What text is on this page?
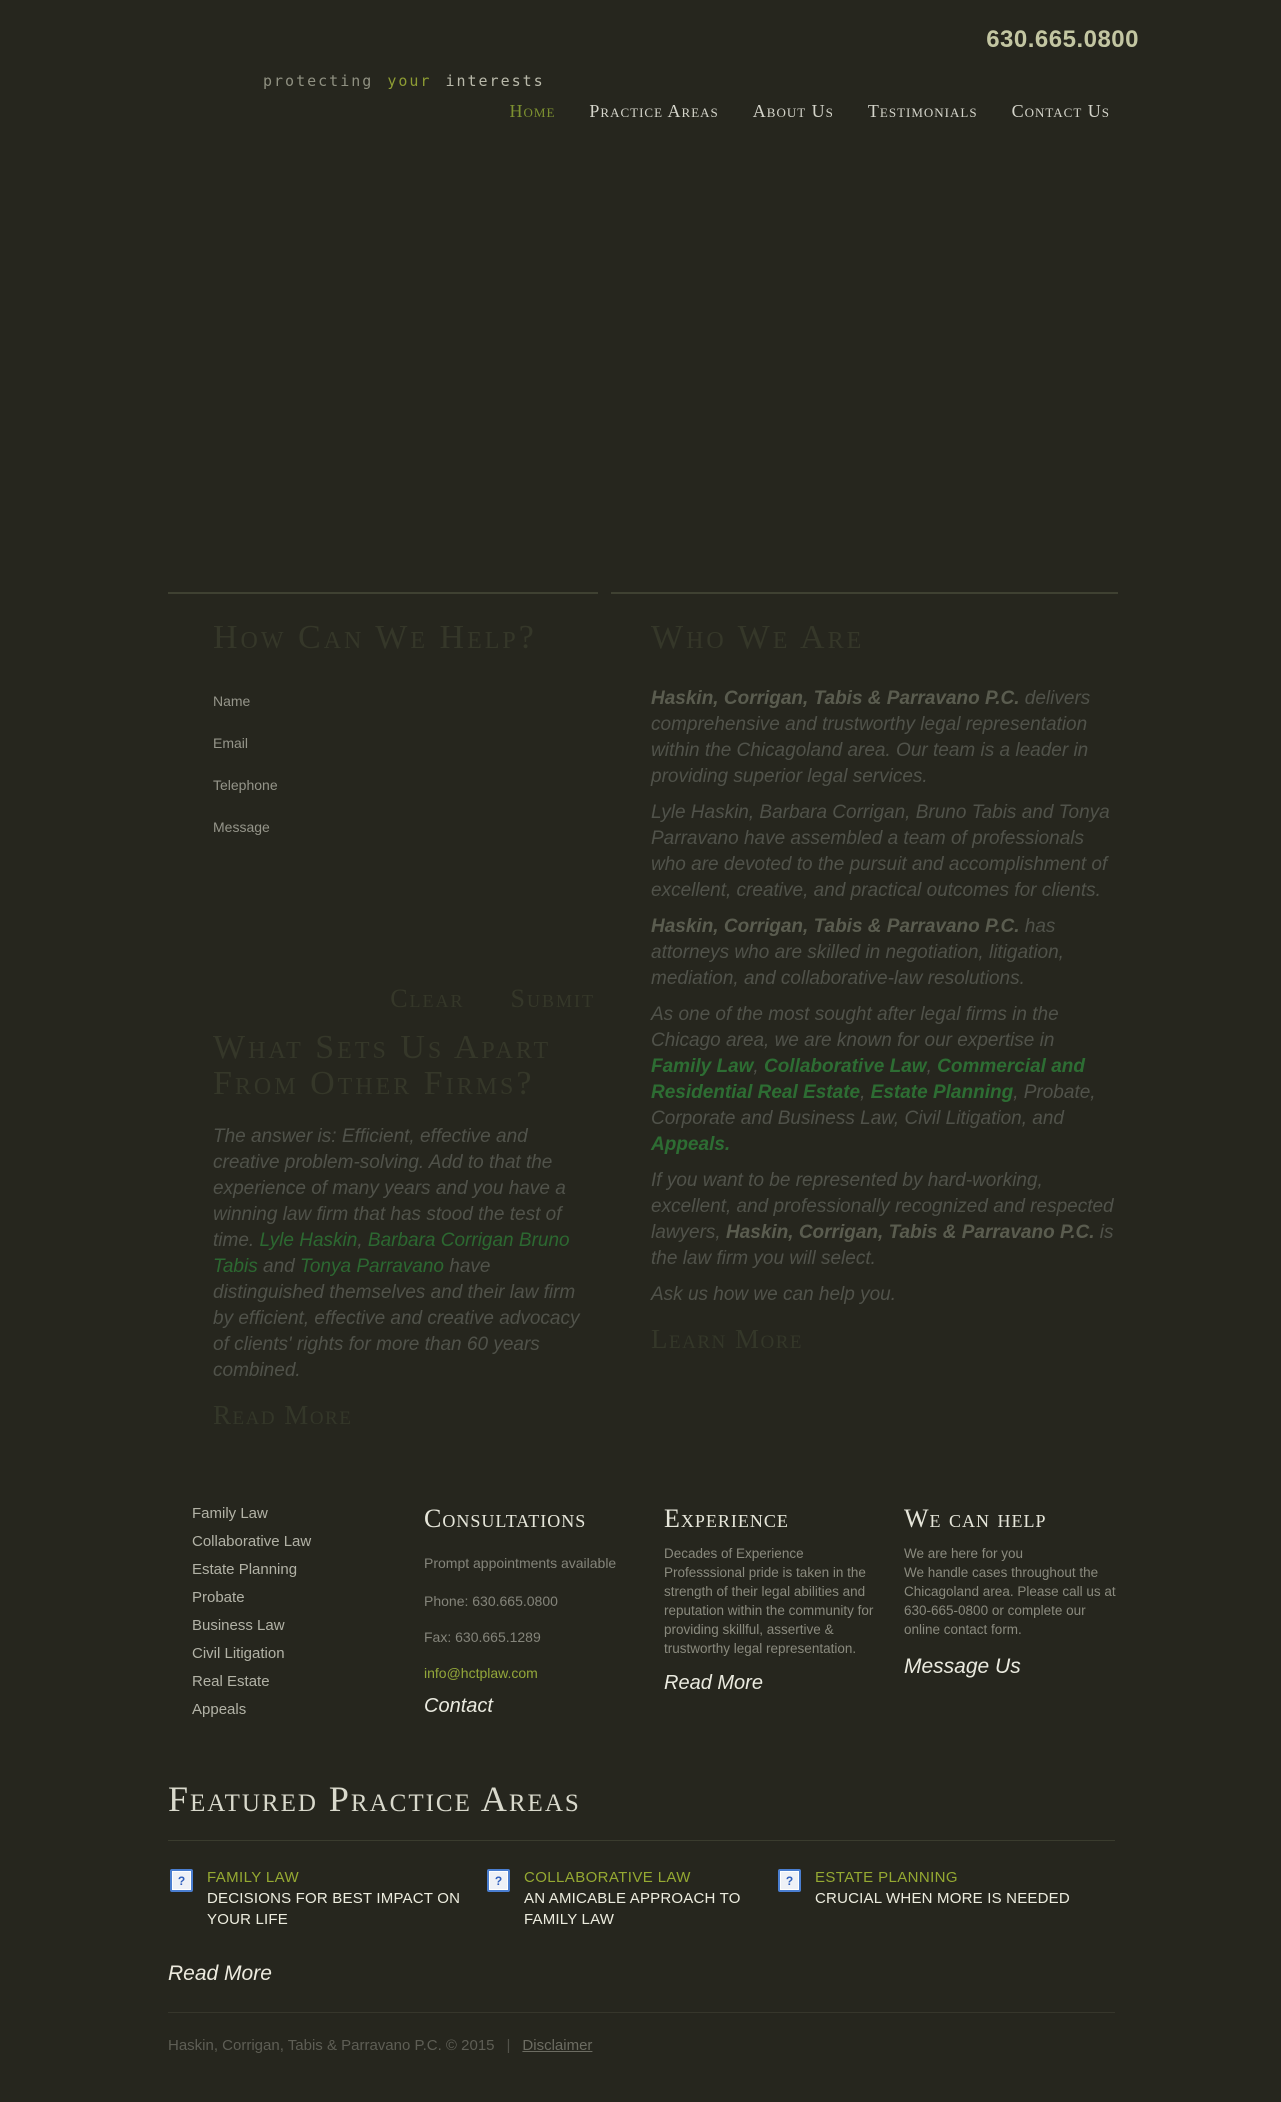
630.665.0800
protecting your interests
Home Practice Areas About Us Testimonials Contact Us
How Can We Help?
Name
Email
Telephone
Message
Clear Submit
What Sets Us Apart From Other Firms?

The answer is: Efficient, effective and creative problem-solving. Add to that the experience of many years and you have a winning law firm that has stood the test of time. Lyle Haskin, Barbara Corrigan Bruno Tabis and Tonya Parravano have distinguished themselves and their law firm by efficient, effective and creative advocacy of clients' rights for more than 60 years combined.

Read More
Who We Are

Haskin, Corrigan, Tabis & Parravano P.C. delivers comprehensive and trustworthy legal representation within the Chicagoland area. Our team is a leader in providing superior legal services.

Lyle Haskin, Barbara Corrigan, Bruno Tabis and Tonya Parravano have assembled a team of professionals who are devoted to the pursuit and accomplishment of excellent, creative, and practical outcomes for clients.

Haskin, Corrigan, Tabis & Parravano P.C. has attorneys who are skilled in negotiation, litigation, mediation, and collaborative-law resolutions.

As one of the most sought after legal firms in the Chicago area, we are known for our expertise in Family Law, Collaborative Law, Commercial and Residential Real Estate, Estate Planning, Probate, Corporate and Business Law, Civil Litigation, and Appeals.

If you want to be represented by hard-working, excellent, and professionally recognized and respected lawyers, Haskin, Corrigan, Tabis & Parravano P.C. is the law firm you will select.

Ask us how we can help you.

Learn More
Family Law
Collaborative Law
Estate Planning
Probate
Business Law
Civil Litigation
Real Estate
Appeals
Consultations
Prompt appointments available
Phone: 630.665.0800
Fax: 630.665.1289
info@hctplaw.com
Contact
Experience
Decades of Experience
Professsional pride is taken in the strength of their legal abilities and reputation within the community for providing skillful, assertive & trustworthy legal representation.
Read More
We can help
We are here for you
We handle cases throughout the Chicagoland area. Please call us at 630-665-0800 or complete our online contact form.
Message Us
Featured Practice Areas
?
FAMILY LAW
DECISIONS FOR BEST IMPACT ON YOUR LIFE
?
COLLABORATIVE LAW
AN AMICABLE APPROACH TO FAMILY LAW
?
ESTATE PLANNING
CRUCIAL WHEN MORE IS NEEDED
Read More
Haskin, Corrigan, Tabis & Parravano P.C. © 2015 | Disclaimer
